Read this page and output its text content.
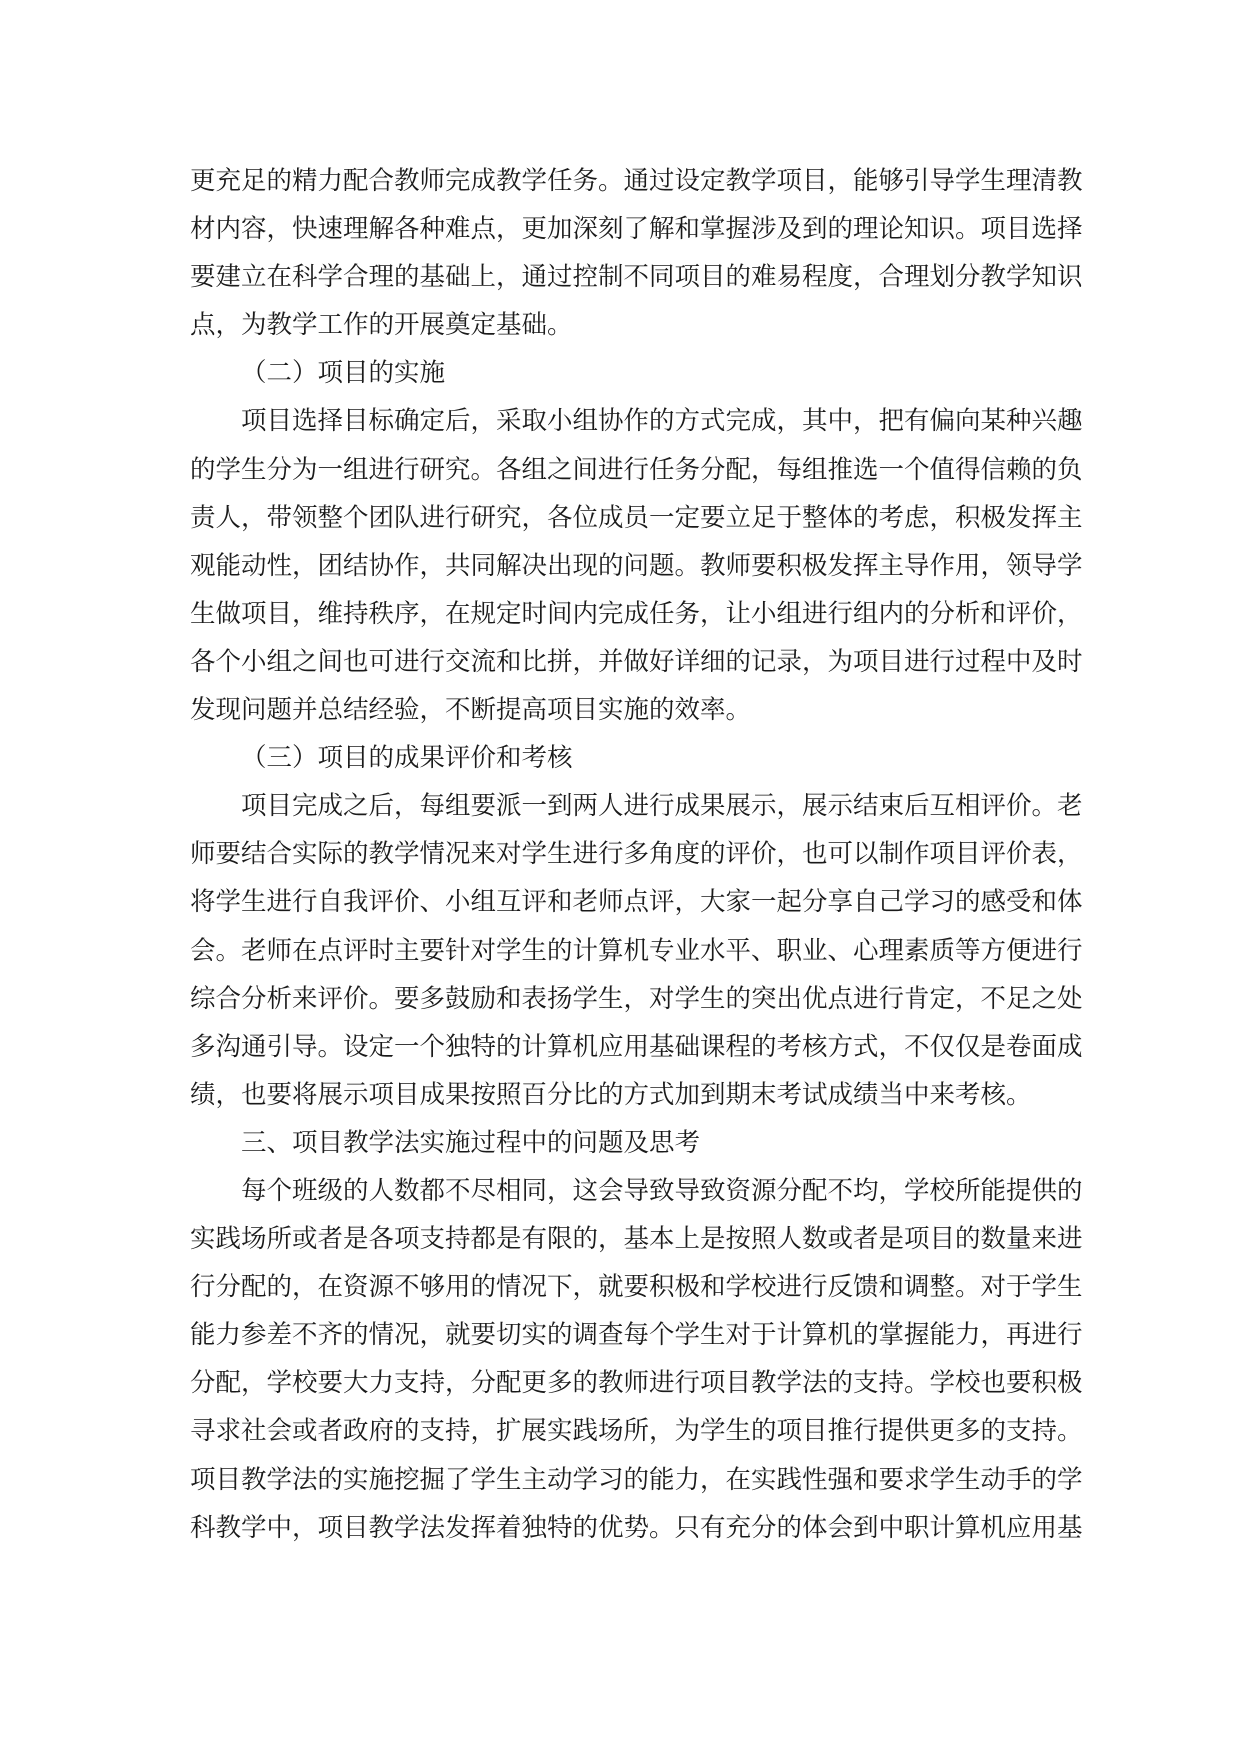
更充足的精力配合教师完成教学任务。通过设定教学项目，能够引导学生理清教
材内容，快速理解各种难点，更加深刻了解和掌握涉及到的理论知识。项目选择
要建立在科学合理的基础上，通过控制不同项目的难易程度，合理划分教学知识
点，为教学工作的开展奠定基础。
（二）项目的实施
项目选择目标确定后，采取小组协作的方式完成，其中，把有偏向某种兴趣
的学生分为一组进行研究。各组之间进行任务分配，每组推选一个值得信赖的负
责人，带领整个团队进行研究，各位成员一定要立足于整体的考虑，积极发挥主
观能动性，团结协作，共同解决出现的问题。教师要积极发挥主导作用，领导学
生做项目，维持秩序，在规定时间内完成任务，让小组进行组内的分析和评价，
各个小组之间也可进行交流和比拼，并做好详细的记录，为项目进行过程中及时
发现问题并总结经验，不断提高项目实施的效率。
（三）项目的成果评价和考核
项目完成之后，每组要派一到两人进行成果展示，展示结束后互相评价。老
师要结合实际的教学情况来对学生进行多角度的评价，也可以制作项目评价表，
将学生进行自我评价、小组互评和老师点评，大家一起分享自己学习的感受和体
会。老师在点评时主要针对学生的计算机专业水平、职业、心理素质等方便进行
综合分析来评价。要多鼓励和表扬学生，对学生的突出优点进行肯定，不足之处
多沟通引导。设定一个独特的计算机应用基础课程的考核方式，不仅仅是卷面成
绩，也要将展示项目成果按照百分比的方式加到期末考试成绩当中来考核。
三、项目教学法实施过程中的问题及思考
每个班级的人数都不尽相同，这会导致导致资源分配不均，学校所能提供的
实践场所或者是各项支持都是有限的，基本上是按照人数或者是项目的数量来进
行分配的，在资源不够用的情况下，就要积极和学校进行反馈和调整。对于学生
能力参差不齐的情况，就要切实的调查每个学生对于计算机的掌握能力，再进行
分配，学校要大力支持，分配更多的教师进行项目教学法的支持。学校也要积极
寻求社会或者政府的支持，扩展实践场所，为学生的项目推行提供更多的支持。
项目教学法的实施挖掘了学生主动学习的能力，在实践性强和要求学生动手的学
科教学中，项目教学法发挥着独特的优势。只有充分的体会到中职计算机应用基
